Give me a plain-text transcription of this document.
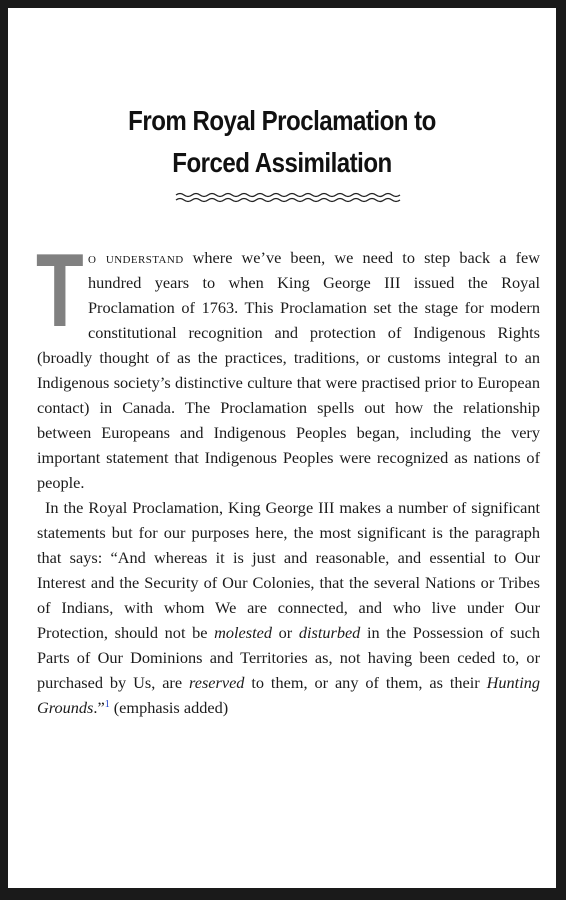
From Royal Proclamation to
Forced Assimilation

To understand where we’ve been, we need to step back a few hundred years to when King George III issued the Royal Proclamation of 1763. This Proclamation set the stage for modern constitutional recognition and protection of Indigenous Rights (broadly thought of as the practices, traditions, or customs integral to an Indigenous society’s distinctive culture that were practised prior to European contact) in Canada. The Proclamation spells out how the relationship between Europeans and Indigenous Peoples began, including the very important statement that Indigenous Peoples were recognized as nations of people.

In the Royal Proclamation, King George III makes a number of significant statements but for our purposes here, the most significant is the paragraph that says: “And whereas it is just and reasonable, and essential to Our Interest and the Security of Our Colonies, that the several Nations or Tribes of Indians, with whom We are connected, and who live under Our Protection, should not be molested or disturbed in the Possession of such Parts of Our Dominions and Territories as, not having been ceded to, or purchased by Us, are reserved to them, or any of them, as their Hunting Grounds.”$^1$ (emphasis added)
